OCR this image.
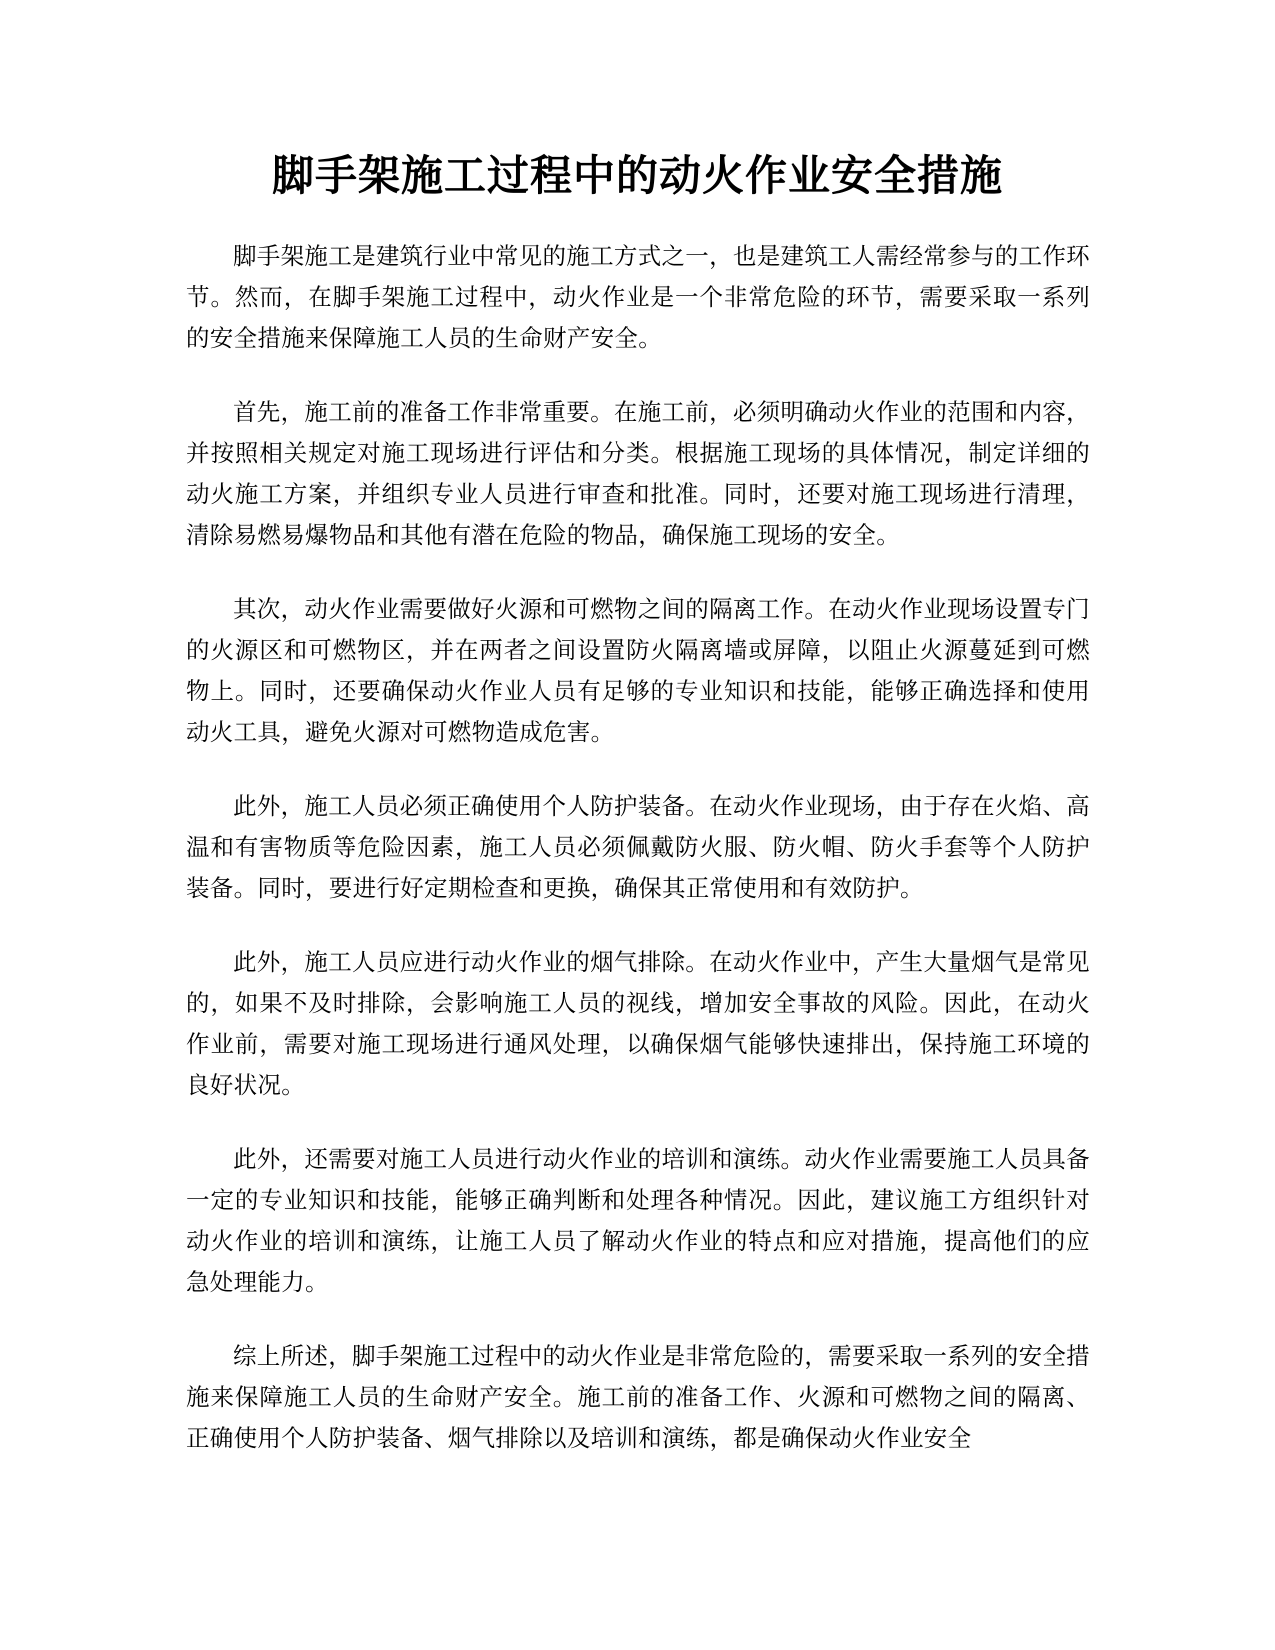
脚手架施工过程中的动火作业安全措施

脚手架施工是建筑行业中常见的施工方式之一，也是建筑工人需经常参与的工作环节。然而，在脚手架施工过程中，动火作业是一个非常危险的环节，需要采取一系列的安全措施来保障施工人员的生命财产安全。

首先，施工前的准备工作非常重要。在施工前，必须明确动火作业的范围和内容，并按照相关规定对施工现场进行评估和分类。根据施工现场的具体情况，制定详细的动火施工方案，并组织专业人员进行审查和批准。同时，还要对施工现场进行清理，清除易燃易爆物品和其他有潜在危险的物品，确保施工现场的安全。

其次，动火作业需要做好火源和可燃物之间的隔离工作。在动火作业现场设置专门的火源区和可燃物区，并在两者之间设置防火隔离墙或屏障，以阻止火源蔓延到可燃物上。同时，还要确保动火作业人员有足够的专业知识和技能，能够正确选择和使用动火工具，避免火源对可燃物造成危害。

此外，施工人员必须正确使用个人防护装备。在动火作业现场，由于存在火焰、高温和有害物质等危险因素，施工人员必须佩戴防火服、防火帽、防火手套等个人防护装备。同时，要进行好定期检查和更换，确保其正常使用和有效防护。

此外，施工人员应进行动火作业的烟气排除。在动火作业中，产生大量烟气是常见的，如果不及时排除，会影响施工人员的视线，增加安全事故的风险。因此，在动火作业前，需要对施工现场进行通风处理，以确保烟气能够快速排出，保持施工环境的良好状况。

此外，还需要对施工人员进行动火作业的培训和演练。动火作业需要施工人员具备一定的专业知识和技能，能够正确判断和处理各种情况。因此，建议施工方组织针对动火作业的培训和演练，让施工人员了解动火作业的特点和应对措施，提高他们的应急处理能力。

综上所述，脚手架施工过程中的动火作业是非常危险的，需要采取一系列的安全措施来保障施工人员的生命财产安全。施工前的准备工作、火源和可燃物之间的隔离、正确使用个人防护装备、烟气排除以及培训和演练，都是确保动火作业安全
